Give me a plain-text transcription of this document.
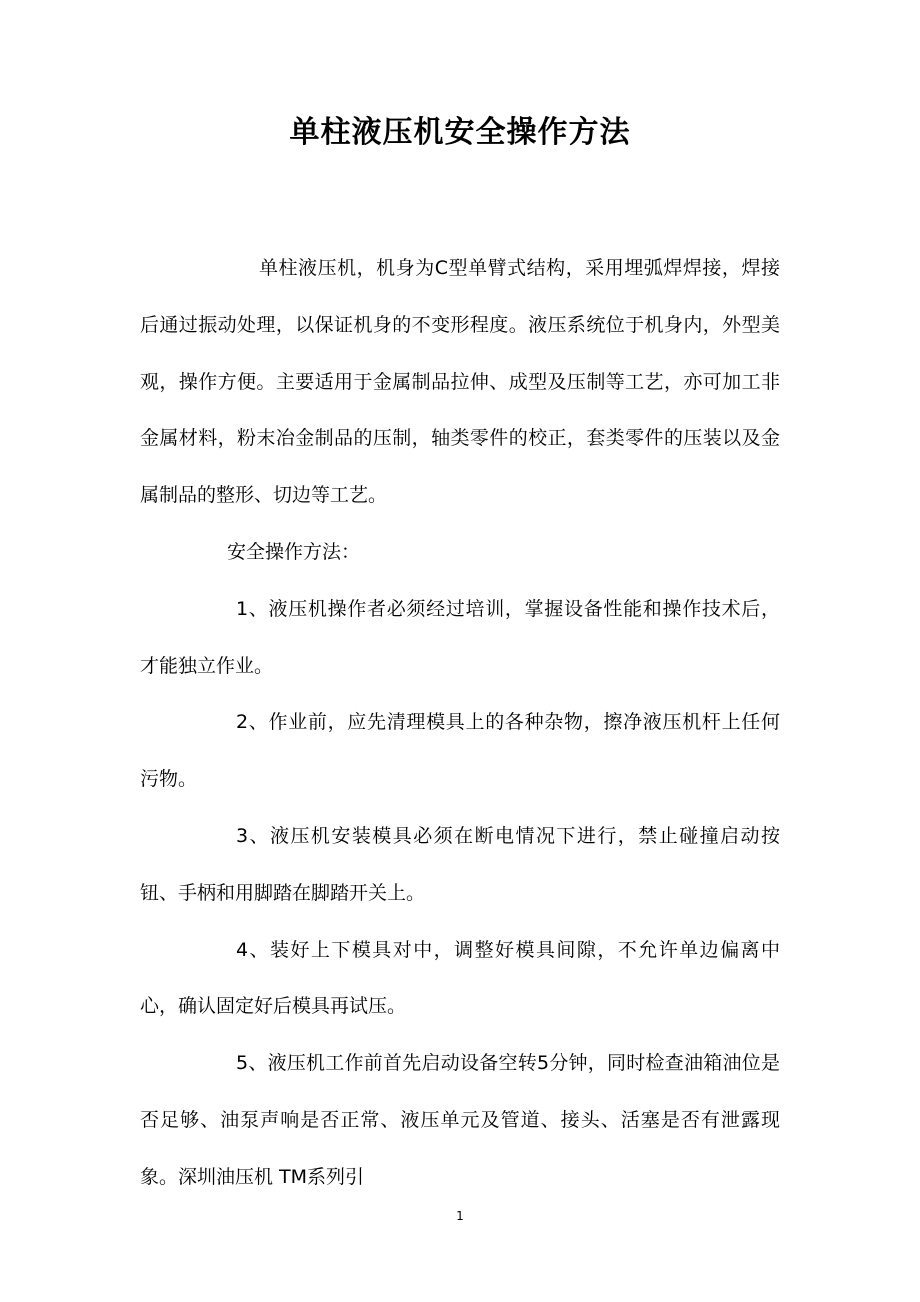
单柱液压机安全操作方法

单柱液压机，机身为C型单臂式结构，采用埋弧焊焊接，焊接后通过振动处理，以保证机身的不变形程度。液压系统位于机身内，外型美观，操作方便。主要适用于金属制品拉伸、成型及压制等工艺，亦可加工非金属材料，粉末冶金制品的压制，轴类零件的校正，套类零件的压装以及金属制品的整形、切边等工艺。

安全操作方法：

1、液压机操作者必须经过培训，掌握设备性能和操作技术后，才能独立作业。

2、作业前，应先清理模具上的各种杂物，擦净液压机杆上任何污物。

3、液压机安装模具必须在断电情况下进行，禁止碰撞启动按钮、手柄和用脚踏在脚踏开关上。

4、装好上下模具对中，调整好模具间隙，不允许单边偏离中心，确认固定好后模具再试压。

5、液压机工作前首先启动设备空转5分钟，同时检查油箱油位是否足够、油泵声响是否正常、液压单元及管道、接头、活塞是否有泄露现象。深圳油压机 TM系列引

1
